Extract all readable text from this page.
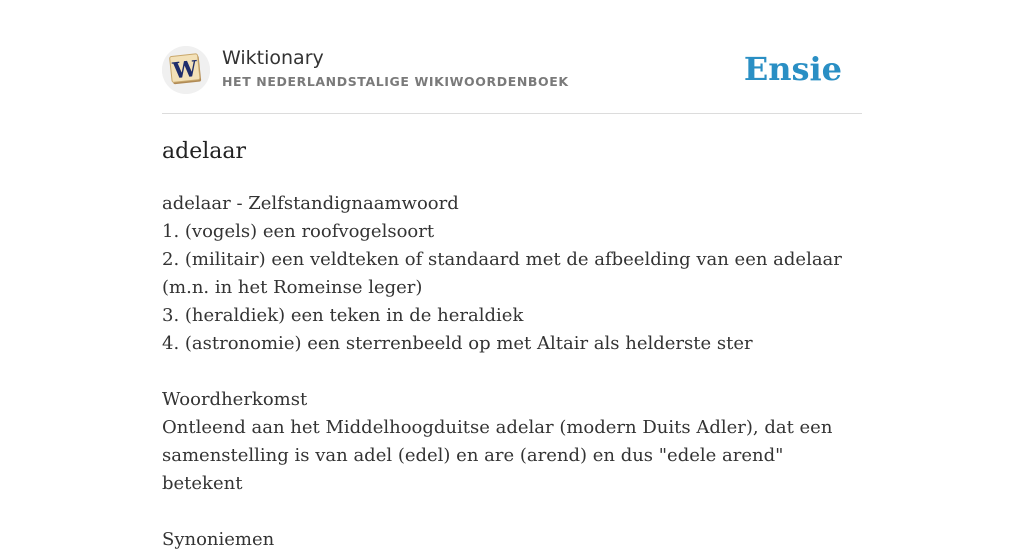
W Wiktionary
HET NEDERLANDSTALIGE WIKIWOORDENBOEK	Ensie
adelaar
adelaar - Zelfstandignaamwoord
1. (vogels) een roofvogelsoort
2. (militair) een veldteken of standaard met de afbeelding van een adelaar (m.n. in het Romeinse leger)
3. (heraldiek) een teken in de heraldiek
4. (astronomie) een sterrenbeeld op met Altair als helderste ster
Woordherkomst
Ontleend aan het Middelhoogduitse adelar (modern Duits Adler), dat een samenstelling is van adel (edel) en are (arend) en dus "edele arend" betekent
Synoniemen
